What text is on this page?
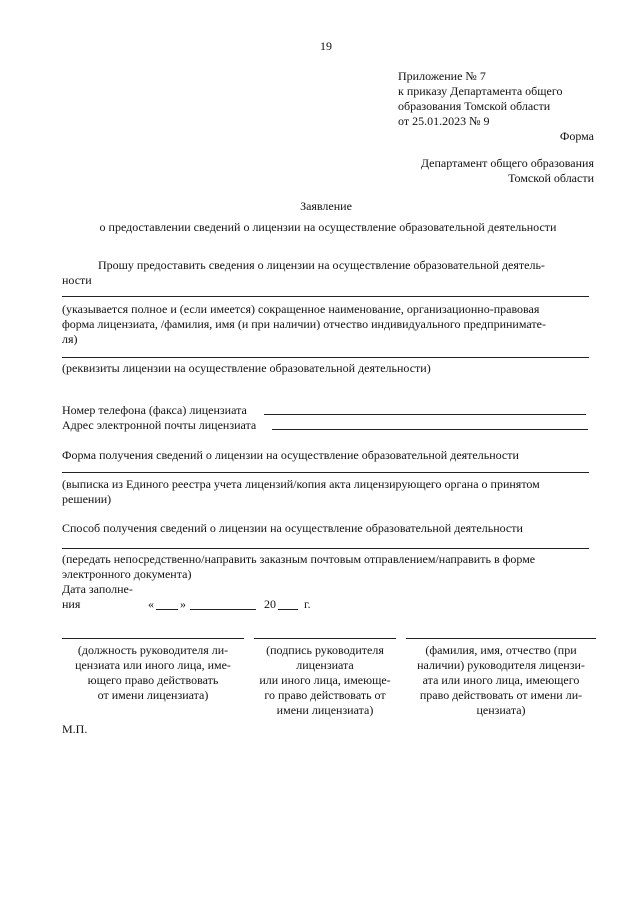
19
Приложение № 7
к приказу Департамента общего
образования Томской области
от 25.01.2023 № 9
Форма
Департамент общего образования
Томской области
Заявление
о предоставлении сведений о лицензии на осуществление образовательной деятельности
Прошу предоставить сведения о лицензии на осуществление образовательной деятель-
ности
(указывается полное и (если имеется) сокращенное наименование, организационно-правовая
форма лицензиата, /фамилия, имя (и при наличии) отчество индивидуального предпринимате-
ля)
(реквизиты лицензии на осуществление образовательной деятельности)
Номер телефона (факса) лицензиата
Адрес электронной почты лицензиата
Форма получения сведений о лицензии на осуществление образовательной деятельности
(выписка из Единого реестра учета лицензий/копия акта лицензирующего органа о принятом
решении)
Способ получения сведений о лицензии на осуществление образовательной деятельности
(передать непосредственно/направить заказным почтовым отправлением/направить в форме
электронного документа)
Дата заполне-
ния	« »	20 г.
(должность руководителя ли-
цензиата или иного лица, име-
ющего право действовать
от имени лицензиата)
(подпись руководителя
лицензиата
или иного лица, имеюще-
го право действовать от
имени лицензиата)
(фамилия, имя, отчество (при
наличии) руководителя лицензи-
ата или иного лица, имеющего
право действовать от имени ли-
цензиата)
М.П.
